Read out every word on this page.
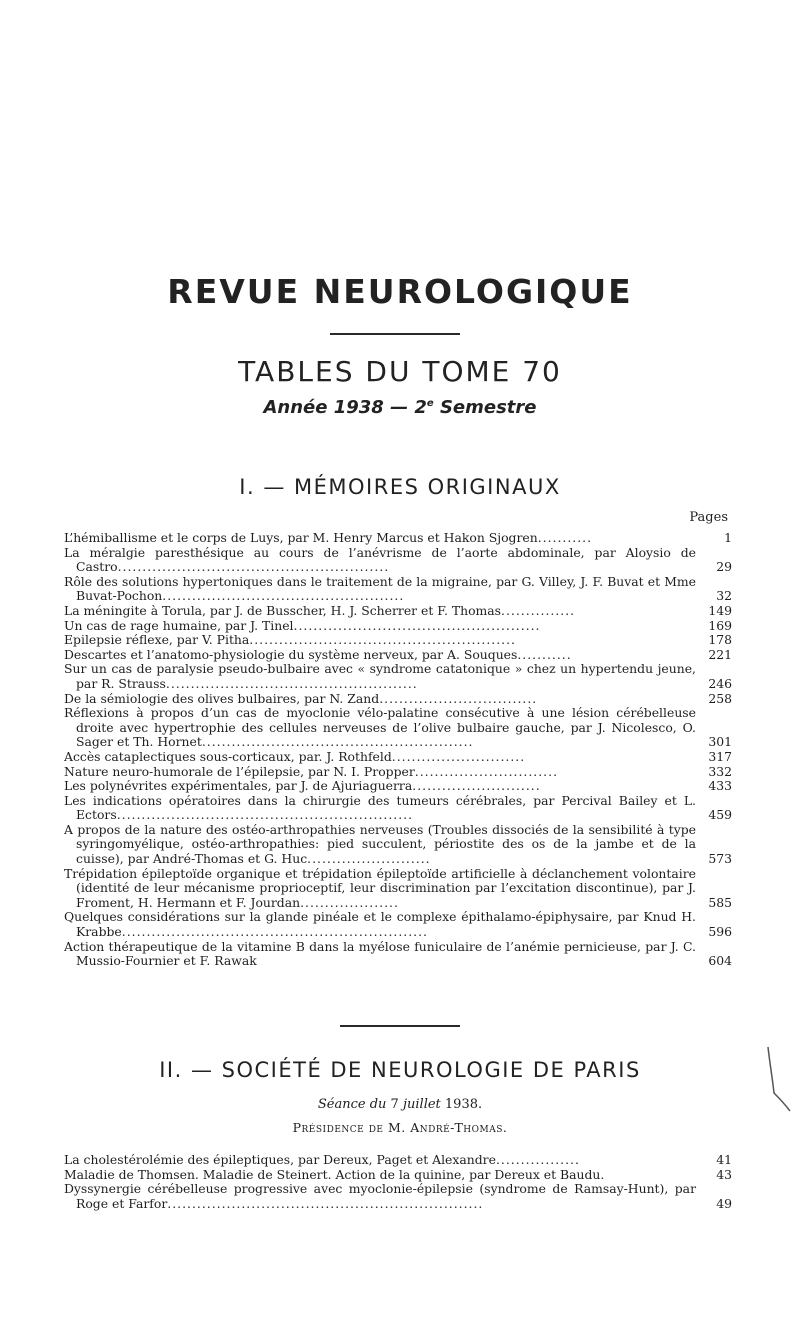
REVUE NEUROLOGIQUE
TABLES DU TOME 70
Année 1938 — 2e Semestre
I. — MÉMOIRES ORIGINAUX
Pages
L’hémiballisme et le corps de Luys, par M. Henry Marcus et Hakon Sjogren...........	1
La méralgie paresthésique au cours de l’anévrisme de l’aorte abdominale, par Aloysio de Castro.......................................................	29
Rôle des solutions hypertoniques dans le traitement de la migraine, par G. Villey, J. F. Buvat et Mme Buvat-Pochon.................................................	32
La méningite à Torula, par J. de Busscher, H. J. Scherrer et F. Thomas...............	149
Un cas de rage humaine, par J. Tinel..................................................	169
Epilepsie réflexe, par V. Pitha......................................................	178
Descartes et l’anatomo-physiologie du système nerveux, par A. Souques...........	221
Sur un cas de paralysie pseudo-bulbaire avec « syndrome catatonique » chez un hypertendu jeune, par R. Strauss...................................................	246
De la sémiologie des olives bulbaires, par N. Zand................................	258
Réflexions à propos d’un cas de myoclonie vélo-palatine consécutive à une lésion cérébelleuse droite avec hypertrophie des cellules nerveuses de l’olive bulbaire gauche, par J. Nicolesco, O. Sager et Th. Hornet.......................................................	301
Accès cataplectiques sous-corticaux, par. J. Rothfeld...........................	317
Nature neuro-humorale de l’épilepsie, par N. I. Propper.............................	332
Les polynévrites expérimentales, par J. de Ajuriaguerra..........................	433
Les indications opératoires dans la chirurgie des tumeurs cérébrales, par Percival Bailey et L. Ectors............................................................	459
A propos de la nature des ostéo-arthropathies nerveuses (Troubles dissociés de la sensibilité à type syringomyélique, ostéo-arthropathies: pied succulent, périostite des os de la jambe et de la cuisse), par André-Thomas et G. Huc.........................	573
Trépidation épileptoïde organique et trépidation épileptoïde artificielle à déclanchement volontaire (identité de leur mécanisme proprioceptif, leur discrimination par l’excitation discontinue), par J. Froment, H. Hermann et F. Jourdan....................	585
Quelques considérations sur la glande pinéale et le complexe épithalamo-épiphysaire, par Knud H. Krabbe..............................................................	596
Action thérapeutique de la vitamine B dans la myélose funiculaire de l’anémie pernicieuse, par J. C. Mussio-Fournier et F. Rawak	604
II. — SOCIÉTÉ DE NEUROLOGIE DE PARIS
Séance du 7 juillet 1938.
Présidence de M. André-Thomas.
La cholestérolémie des épileptiques, par Dereux, Paget et Alexandre.................	41
Maladie de Thomsen. Maladie de Steinert. Action de la quinine, par Dereux et Baudu.	43
Dyssynergie cérébelleuse progressive avec myoclonie-épilepsie (syndrome de Ramsay-Hunt), par Roge et Farfor................................................................	49
